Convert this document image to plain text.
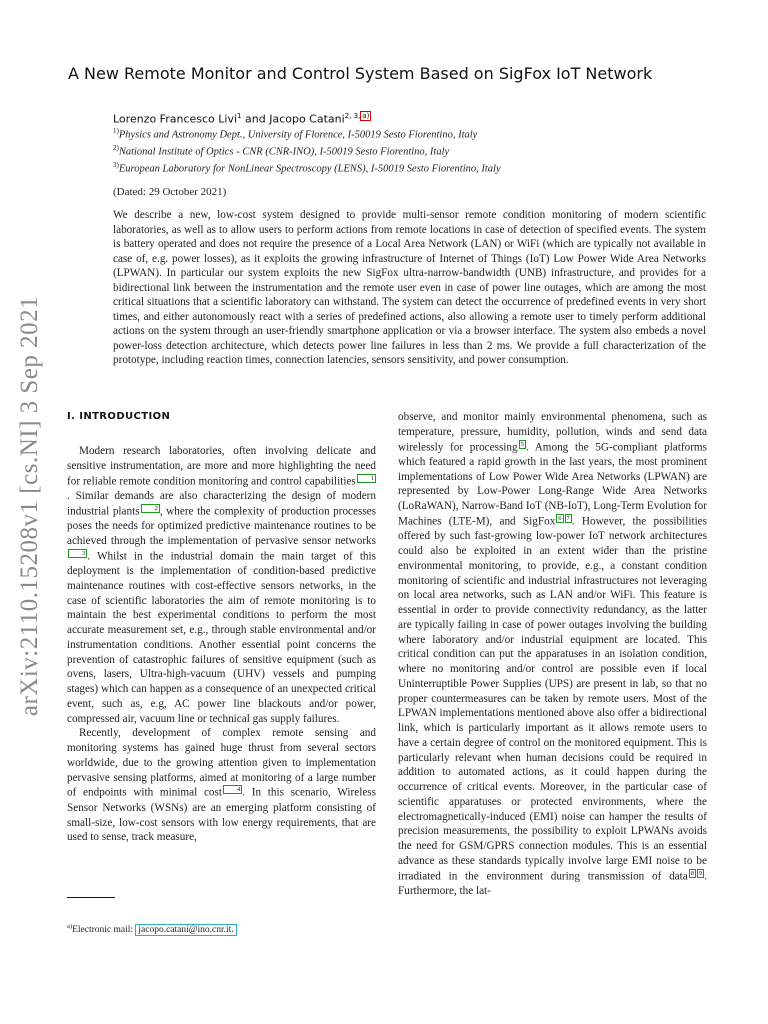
arXiv:2110.15208v1 [cs.NI] 3 Sep 2021
A New Remote Monitor and Control System Based on SigFox IoT Network
Lorenzo Francesco Livi$^1$ and Jacopo Catani$^{2, 3,}$ $^{a)}$
$^{1)}$Physics and Astronomy Dept., University of Florence, I-50019 Sesto Fiorentino, Italy
$^{2)}$National Institute of Optics - CNR (CNR-INO), I-50019 Sesto Fiorentino, Italy
$^{3)}$European Laboratory for NonLinear Spectroscopy (LENS), I-50019 Sesto Fiorentino, Italy
(Dated: 29 October 2021)

We describe a new, low-cost system designed to provide multi-sensor remote condition monitoring of modern scientific laboratories, as well as to allow users to perform actions from remote locations in case of detection of specified events. The system is battery operated and does not require the presence of a Local Area Network (LAN) or WiFi (which are typically not available in case of, e.g. power losses), as it exploits the growing infrastructure of Internet of Things (IoT) Low Power Wide Area Networks (LPWAN). In particular our system exploits the new SigFox ultra-narrow-bandwidth (UNB) infrastructure, and provides for a bidirectional link between the instrumentation and the remote user even in case of power line outages, which are among the most critical situations that a scientific laboratory can withstand. The system can detect the occurrence of predefined events in very short times, and either autonomously react with a series of predefined actions, also allowing a remote user to timely perform additional actions on the system through an user-friendly smartphone application or via a browser interface. The system also embeds a novel power-loss detection architecture, which detects power line failures in less than 2 ms. We provide a full characterization of the prototype, including reaction times, connection latencies, sensors sensitivity, and power consumption.

I. INTRODUCTION

Modern research laboratories, often involving delicate and sensitive instrumentation, are more and more highlighting the need for reliable remote condition monitoring and control capabilities 1. Similar demands are also characterizing the design of modern industrial plants 2 , where the complexity of production processes poses the needs for optimized predictive maintenance routines to be achieved through the implementation of pervasive sensor networks3 . Whilst in the industrial domain the main target of this deployment is the implementation of condition-based predictive maintenance routines with cost-effective sensors networks, in the case of scientific laboratories the aim of remote monitoring is to maintain the best experimental conditions to perform the most accurate measurement set, e.g., through stable environmental and/or instrumentation conditions. Another essential point concerns the prevention of catastrophic failures of sensitive equipment (such as ovens, lasers, Ultra-high-vacuum (UHV) vessels and pumping stages) which can happen as a consequence of an unexpected critical event, such as, e.g, AC power line blackouts and/or power, compressed air, vacuum line or technical gas supply failures.

Recently, development of complex remote sensing and monitoring systems has gained huge thrust from several sectors worldwide, due to the growing attention given to implementation pervasive sensing platforms, aimed at monitoring of a large number of endpoints with minimal cost 4 . In this scenario, Wireless Sensor Networks (WSNs) are an emerging platform consisting of small-size, low-cost sensors with low energy requirements, that are used to sense, track measure,

observe, and monitor mainly environmental phenomena, such as temperature, pressure, humidity, pollution, winds and send data wirelessly for processing 5 . Among the 5G-compliant platforms which featured a rapid growth in the last years, the most prominent implementations of Low Power Wide Area Networks (LPWAN) are represented by Low-Power Long-Range Wide Area Networks (LoRaWAN), Narrow-Band IoT (NB-IoT), Long-Term Evolution for Machines (LTE-M), and SigFox 6 7 . However, the possibilities offered by such fast-growing low-power IoT network architectures could also be exploited in an extent wider than the pristine environmental monitoring, to provide, e.g., a constant condition monitoring of scientific and industrial infrastructures not leveraging on local area networks, such as LAN and/or WiFi. This feature is essential in order to provide connectivity redundancy, as the latter are typically failing in case of power outages involving the building where laboratory and/or industrial equipment are located. This critical condition can put the apparatuses in an isolation condition, where no monitoring and/or control are possible even if local Uninterruptible Power Supplies (UPS) are present in lab, so that no proper countermeasures can be taken by remote users. Most of the LPWAN implementations mentioned above also offer a bidirectional link, which is particularly important as it allows remote users to have a certain degree of control on the monitored equipment. This is particularly relevant when human decisions could be required in addition to automated actions, as it could happen during the occurrence of critical events. Moreover, in the particular case of scientific apparatuses or protected environments, where the electromagnetically-induced (EMI) noise can hamper the results of precision measurements, the possibility to exploit LPWANs avoids the need for GSM/GPRS connection modules. This is an essential advance as these standards typically involve large EMI noise to be irradiated in the environment during transmission of data 8 9 . Furthermore, the lat-

$^{a)}$Electronic mail: jacopo.catani@ino.cnr.it.
